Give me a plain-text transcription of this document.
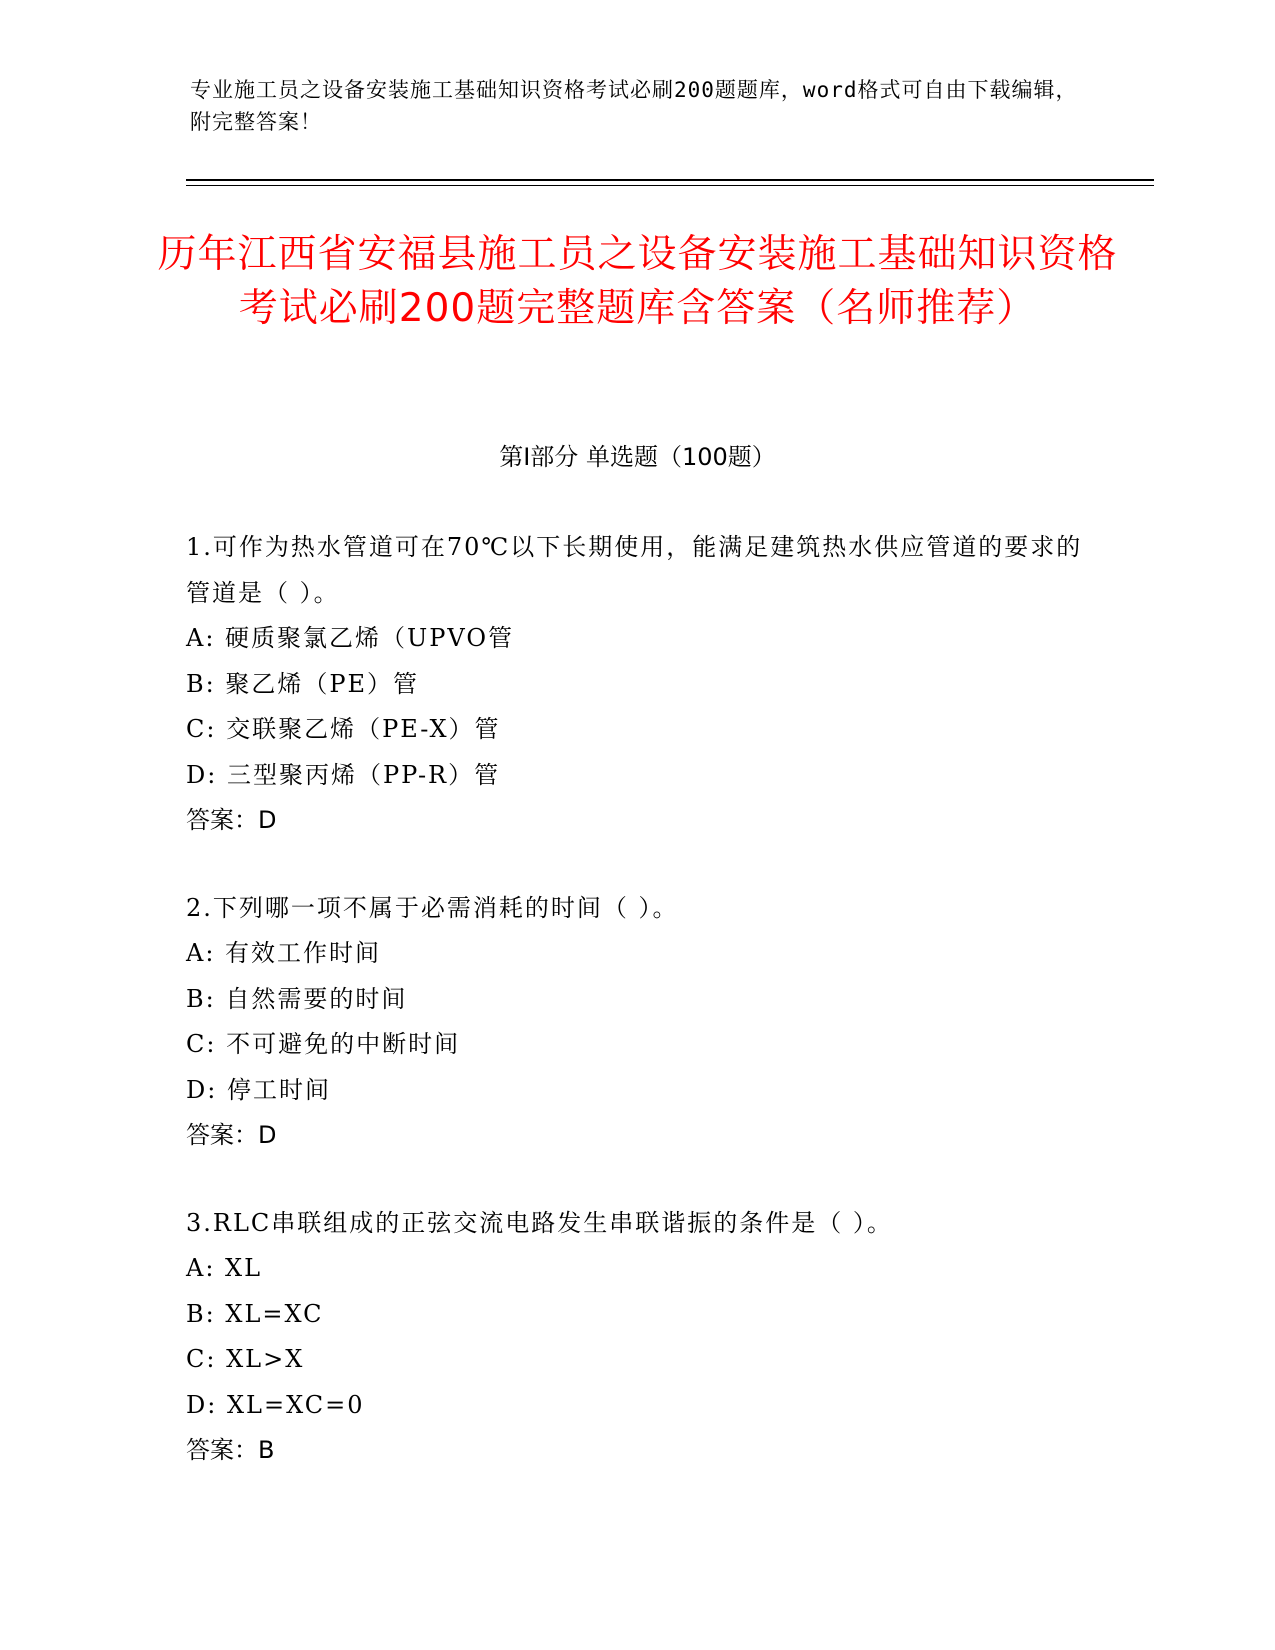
专业施工员之设备安装施工基础知识资格考试必刷200题题库，word格式可自由下载编辑，附完整答案！
历年江西省安福县施工员之设备安装施工基础知识资格考试必刷200题完整题库含答案（名师推荐）
第I部分 单选题（100题）

1.可作为热水管道可在70℃以下长期使用，能满足建筑热水供应管道的要求的管道是（ ）。

A: 硬质聚氯乙烯（UPVO管

B: 聚乙烯（PE）管

C: 交联聚乙烯（PE-X）管

D: 三型聚丙烯（PP-R）管

答案：D

2.下列哪一项不属于必需消耗的时间（ ）。

A: 有效工作时间

B: 自然需要的时间

C: 不可避免的中断时间

D: 停工时间

答案：D

3.RLC串联组成的正弦交流电路发生串联谐振的条件是（ ）。

A: XL

B: XL=XC

C: XL>X

D: XL=XC=0

答案：B
